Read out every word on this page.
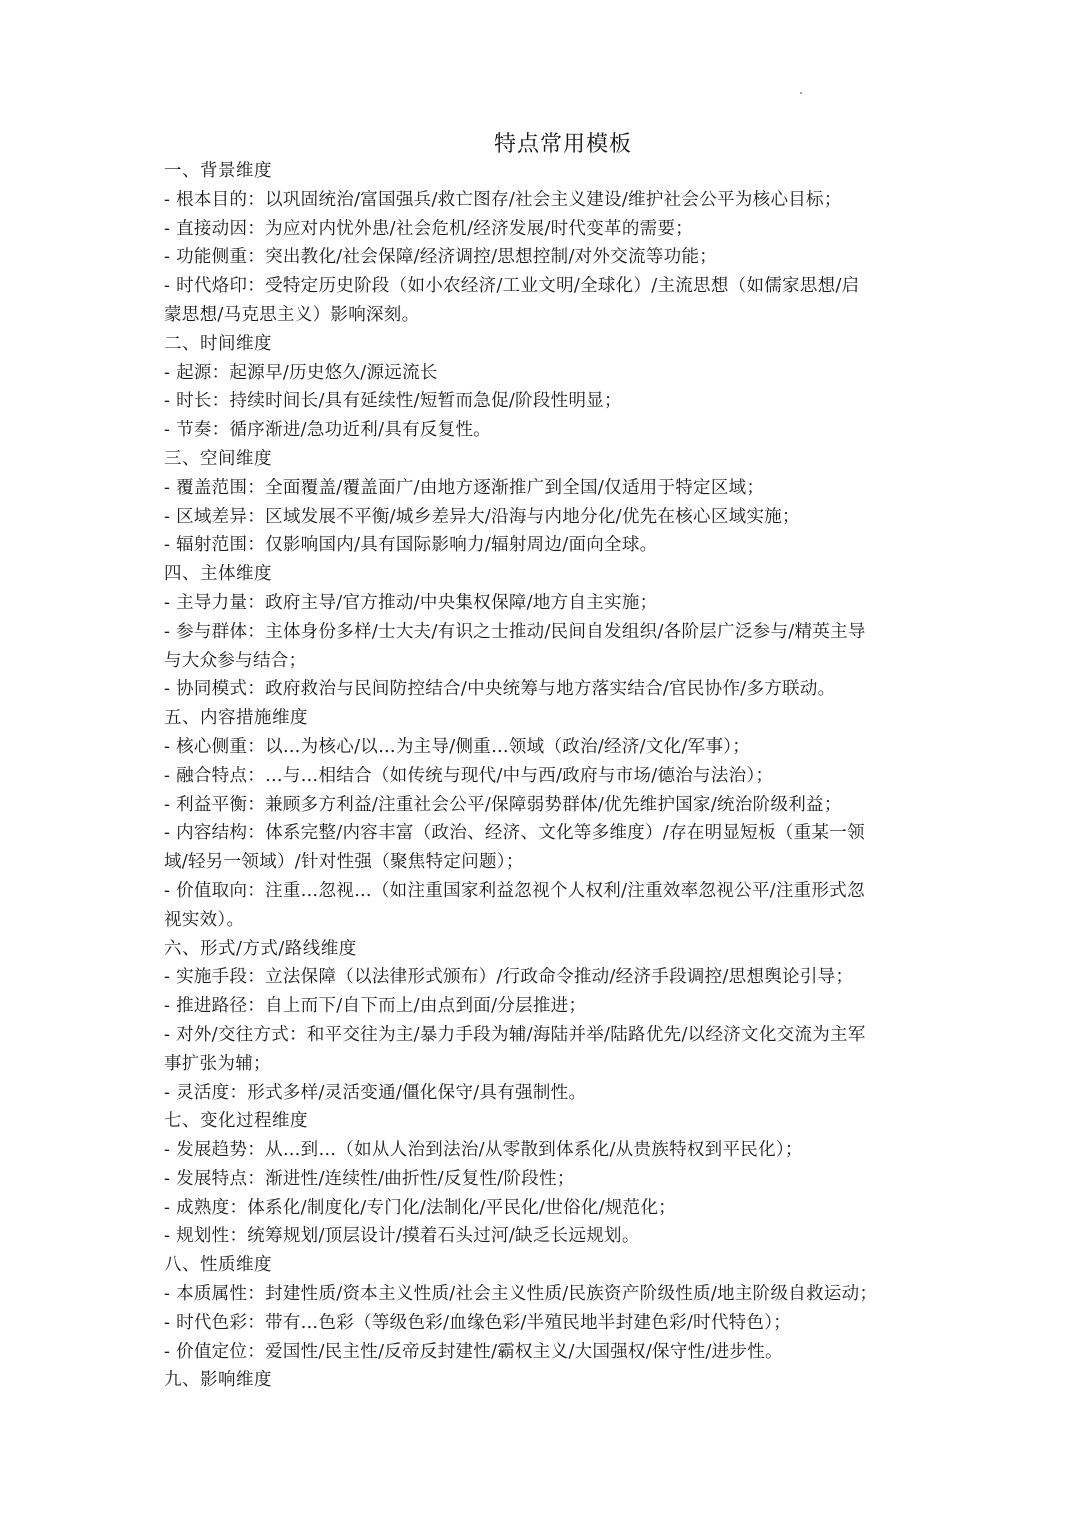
特点常用模板
一、背景维度
- 根本目的：以巩固统治/富国强兵/救亡图存/社会主义建设/维护社会公平为核心目标；
- 直接动因：为应对内忧外患/社会危机/经济发展/时代变革的需要；
- 功能侧重：突出教化/社会保障/经济调控/思想控制/对外交流等功能；
- 时代烙印：受特定历史阶段（如小农经济/工业文明/全球化）/主流思想（如儒家思想/启
蒙思想/马克思主义）影响深刻。
二、时间维度
- 起源：起源早/历史悠久/源远流长
- 时长：持续时间长/具有延续性/短暂而急促/阶段性明显；
- 节奏：循序渐进/急功近利/具有反复性。
三、空间维度
- 覆盖范围：全面覆盖/覆盖面广/由地方逐渐推广到全国/仅适用于特定区域；
- 区域差异：区域发展不平衡/城乡差异大/沿海与内地分化/优先在核心区域实施；
- 辐射范围：仅影响国内/具有国际影响力/辐射周边/面向全球。
四、主体维度
- 主导力量：政府主导/官方推动/中央集权保障/地方自主实施；
- 参与群体：主体身份多样/士大夫/有识之士推动/民间自发组织/各阶层广泛参与/精英主导
与大众参与结合；
- 协同模式：政府救治与民间防控结合/中央统筹与地方落实结合/官民协作/多方联动。
五、内容措施维度
- 核心侧重：以…为核心/以…为主导/侧重…领域（政治/经济/文化/军事）；
- 融合特点：…与…相结合（如传统与现代/中与西/政府与市场/德治与法治）；
- 利益平衡：兼顾多方利益/注重社会公平/保障弱势群体/优先维护国家/统治阶级利益；
- 内容结构：体系完整/内容丰富（政治、经济、文化等多维度）/存在明显短板（重某一领
域/轻另一领域）/针对性强（聚焦特定问题）；
- 价值取向：注重…忽视…（如注重国家利益忽视个人权利/注重效率忽视公平/注重形式忽
视实效）。
六、形式/方式/路线维度
- 实施手段：立法保障（以法律形式颁布）/行政命令推动/经济手段调控/思想舆论引导；
- 推进路径：自上而下/自下而上/由点到面/分层推进；
- 对外/交往方式：和平交往为主/暴力手段为辅/海陆并举/陆路优先/以经济文化交流为主军
事扩张为辅；
- 灵活度：形式多样/灵活变通/僵化保守/具有强制性。
七、变化过程维度
- 发展趋势：从…到…（如从人治到法治/从零散到体系化/从贵族特权到平民化）；
- 发展特点：渐进性/连续性/曲折性/反复性/阶段性；
- 成熟度：体系化/制度化/专门化/法制化/平民化/世俗化/规范化；
- 规划性：统筹规划/顶层设计/摸着石头过河/缺乏长远规划。
八、性质维度
- 本质属性：封建性质/资本主义性质/社会主义性质/民族资产阶级性质/地主阶级自救运动；
- 时代色彩：带有…色彩（等级色彩/血缘色彩/半殖民地半封建色彩/时代特色）；
- 价值定位：爱国性/民主性/反帝反封建性/霸权主义/大国强权/保守性/进步性。
九、影响维度
